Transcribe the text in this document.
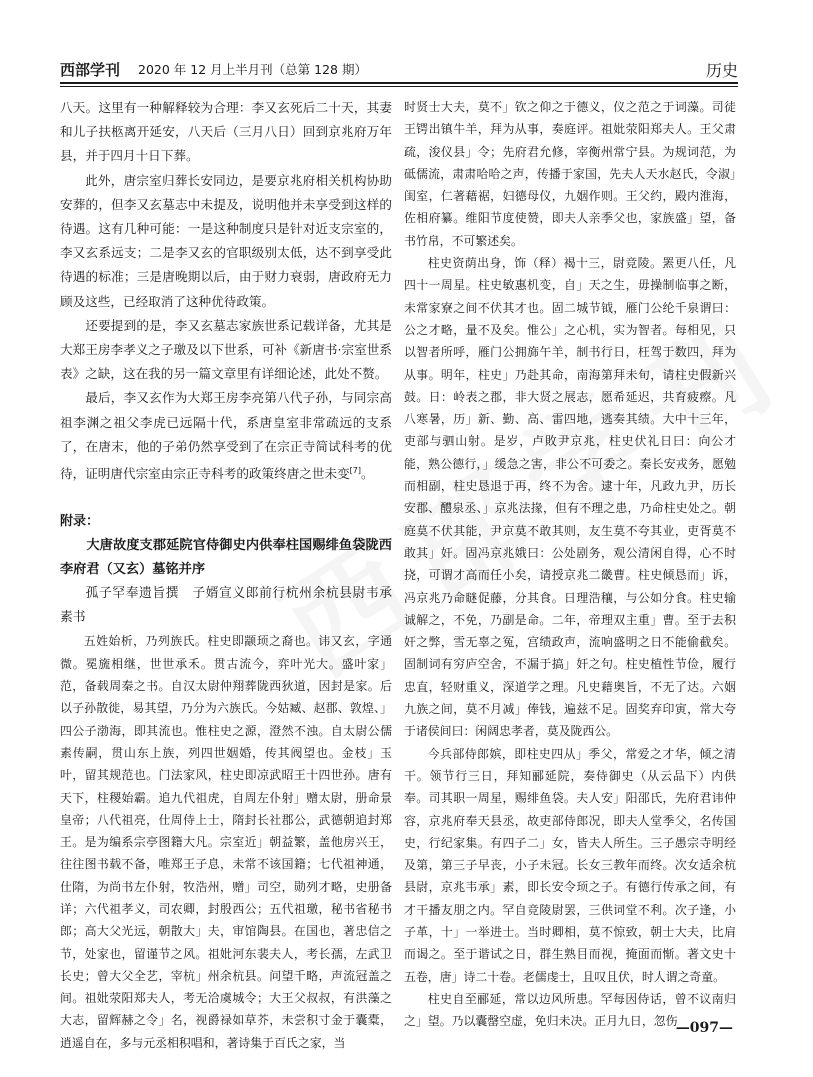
西部学刊 2020 年 12 月上半月刊（总第 128 期）	历史

八天。这里有一种解释较为合理：李又玄死后二十天，其妻和儿子扶柩离开延安，八天后（三月八日）回到京兆府万年县，并于四月十日下葬。

此外，唐宗室归葬长安同边，是要京兆府相关机构协助安葬的，但李又玄墓志中未提及，说明他并未享受到这样的待遇。这有几种可能：一是这种制度只是针对近支宗室的，李又玄系远支；二是李又玄的官职级别太低，达不到享受此待遇的标准；三是唐晚期以后，由于财力衰弱，唐政府无力顾及这些，已经取消了这种优待政策。

还要提到的是，李又玄墓志家族世系记载详备，尤其是大郑王房李孝义之子璬及以下世系，可补《新唐书·宗室世系表》之缺，这在我的另一篇文章里有详细论述，此处不赘。

最后，李又玄作为大郑王房李亮第八代子孙，与同宗高祖李渊之祖父李虎已远隔十代，系唐皇室非常疏远的支系了，在唐末，他的子弟仍然享受到了在宗正寺简试科考的优待，证明唐代宗室由宗正寺科考的政策终唐之世未变[7]。

附录：

大唐故度支郡延院官侍御史内供奉柱国赐绯鱼袋陇西李府君（又玄）墓铭并序

孤子罕奉遗旨撰　子婿宣义郎前行杭州余杭县尉韦承素书

五姓始析，乃列族氏。柱史即颛顼之裔也。讳又玄，字通微。冕旒相继，世世承禾。贯古流今，弈叶光大。盛叶家」范，备载周秦之书。自汉太尉仲翔葬陇西狄道，因封是家。后以子孙散徙，易其望，乃分为六族氏。今姑臧、赵郡、敦煌、」四公子渤海，即其流也。惟柱史之源，澄然不浊。自太尉公儒素传嗣，贯山东上族，列四世姻婚，传其阀望也。金枝」玉叶，留其规范也。门法家风，柱史即凉武昭王十四世孙。唐有天下，柱稷始霸。追九代祖虎，自周左仆射」赠太尉，册命景皇帝；八代祖亮，仕周侍上士，隋封长社郡公，武德朝追封郑王。是为编系宗亭图籍大凡。宗室近」朝益繁，盖他房兴王，往往图书载不备，唯郑王子息，未常不该国籍；七代祖神通，仕隋，为尚书左仆射，牧浩州，赠」司空，勋列才略，史册备详；六代祖孝义，司农卿，封殷西公；五代祖璬，秘书省秘书郎；高大父光远，朝散大」夫，审馆陶县。在国也，著忠信之节，处家也，留谨节之风。祖妣河东裴夫人，考长孺，左武卫长史；曾大父全艺，宰杭」州余杭县。问望千略，声流冠盖之间。祖妣荥阳郑夫人，考无洽虞城令；大王父叔叔，有洪藻之大志，留辉赫之令」名，视爵禄如草芥，未尝积寸金于囊橐，逍遥自在，多与元丞相积唱和，著诗集于百氏之家，当

时贤士大夫，莫不」钦之仰之于德义，仪之范之于词藻。司徒王锷出镇牛羊，拜为从事，奏庭评。祖妣荥阳郑夫人。王父肃疏，浚仪县」令；先府君允修，宰衡州常宁县。为规词范，为砥儒流，肃肃哈哈之声，传播于家国，先夫人天水赵氏，令淑」闺室，仁著藉裾，妇德母仪，九姻作则。王父约，殿内淮海，佐相府纂。维阳节度使赞，即夫人亲季父也，家族盛」望，备书竹帛，不可繁述矣。

柱史资荫出身，饰（释）褐十三，尉竞陵。罴更八任，凡四十一周星。柱史敏惠机变，自」天之生，毋操制临事之断，未常家寮之间不伏其才也。固二城节钺，雁门公纶千泉谓曰：公之才略，量不及矣。惟公」之心机，实为智者。每相见，只以智者所呼，雁门公拥旆午羊，制书行日，枉驾于数四，拜为从事。明年，柱史」乃赴其命，南海第拜未旬，请柱史假新兴鼓。日：岭表之郡，非大贤之展志，愿希延迟，共育疲瘵。凡八寒暑，历」新、勤、高、雷四地，逃奏其绩。大中十三年，吏部与驷山射。是岁，卢敗尹京兆，柱史伏礼日曰：向公才能，熟公德行，」缓急之害，非公不可委之。秦长安戎务，愿勉而相副，柱史恳退于再，终不为舍。逮十年，凡政九尹，历长安郡、醴泉丞、」京兆法掾，但有不理之患，乃命柱史处之。朝庭莫不伏其能，尹京莫不敢其则，友生莫不夸其业，吏胥莫不敢其」奸。固冯京兆娥曰：公处剧务，观公清闲自得，心不时挠，可谓才高而任小矣，请授京兆二畿曹。柱史倾恳而」诉，冯京兆乃命瞇促藤，分其食。日理浩穰，与公如分食。柱史输诚解之，不免，乃副是命。二年，帝理双主重」曹。至于去积奸之弊，雪无辜之冤，宫绩政声，流响盛明之日不能偷截矣。固制词有穷庐空舍，不漏于搞」奸之句。柱史植性节俭，履行忠直，轻财重义，深道学之理。凡史藉奥旨，不无了达。六姻九族之间，莫不月减」俸钱，遍兹不足。固奖弃印寅，常大夸于诸侯间曰：闲阔忠孝者，莫及陇西公。

今兵部侍郎嫔，即柱史四从」季父，常爱之才华，倾之清干。领节行三日，拜知郦延院，奏侍御史（从云品下）内供奉。司其职一周星，赐绯鱼袋。夫人安」阳邵氏，先府君讳仲容，京兆府奉天县丞，故吏部侍郎况，即夫人堂季父，名传国史，行纪家集。有四子二」女，皆夫人所生。三子愚宗寺明经及第，第三子早丧，小子未冠。长女三教年而终。次女适余杭县尉，京兆韦承」素，即长安令顼之子。有德行传承之间，有才干播友朋之内。罕自竞陵尉罢，三供词堂不利。次子逢，小子革，十」一举进士。当时卿相，莫不惊致，朝士大夫，比肩而谒之。至于谐试之日，群生熟目而视，掩面而惭。著文史十五卷，唐」诗二十卷。老儒虔士，且叹且伏，时人谓之奇童。

柱史自至郦延，常以边风所患。罕每因侍话，曾不议南归之」望。乃以囊罄空虚，免归未决。正月九日，忽伤

—097—
